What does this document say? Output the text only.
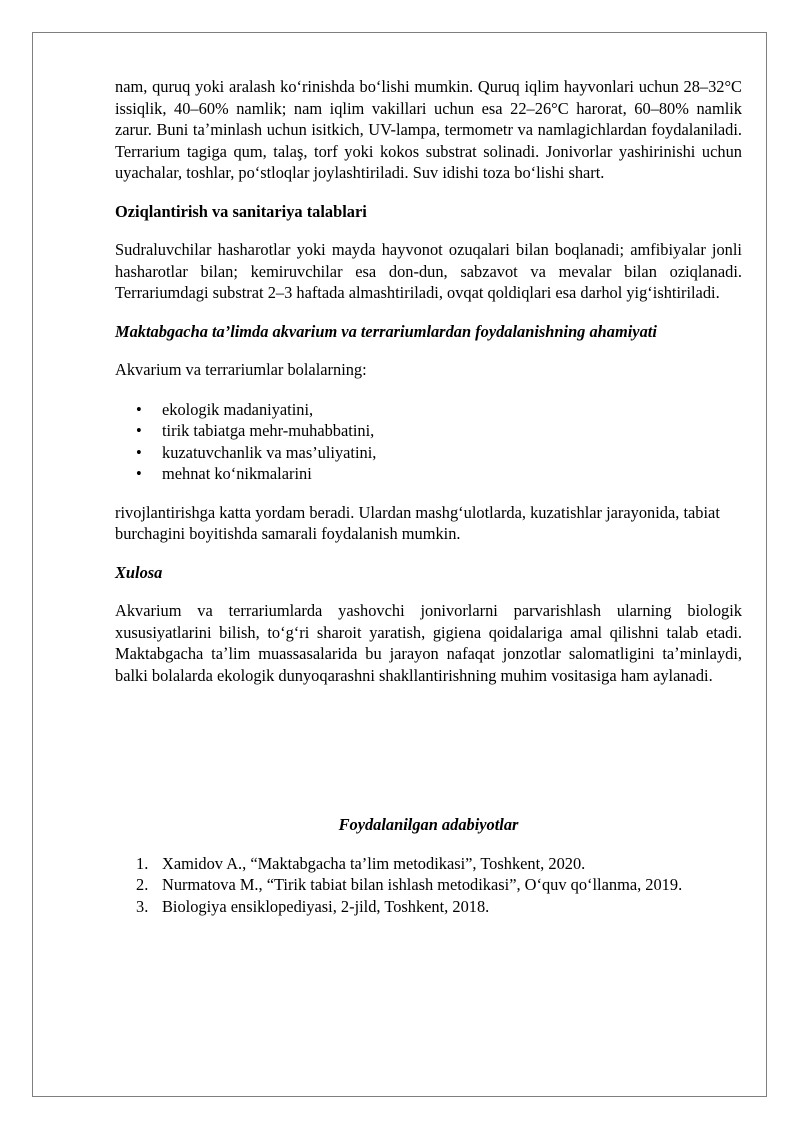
nam, quruq yoki aralash koʻrinishda boʻlishi mumkin. Quruq iqlim hayvonlari uchun 28–32°C issiqlik, 40–60% namlik; nam iqlim vakillari uchun esa 22–26°C harorat, 60–80% namlik zarur. Buni taʼminlash uchun isitkich, UV-lampa, termometr va namlagichlardan foydalaniladi. Terrarium tagiga qum, talaş, torf yoki kokos substrat solinadi. Jonivorlar yashirinishi uchun uyachalar, toshlar, poʻstloqlar joylashtiriladi. Suv idishi toza boʻlishi shart.

Oziqlantirish va sanitariya talablari

Sudraluvchilar hasharotlar yoki mayda hayvonot ozuqalari bilan boqlanadi; amfibiyalar jonli hasharotlar bilan; kemiruvchilar esa don-dun, sabzavot va mevalar bilan oziqlanadi. Terrariumdagi substrat 2–3 haftada almashtiriladi, ovqat qoldiqlari esa darhol yigʻishtiriladi.

Maktabgacha ta’limda akvarium va terrariumlardan foydalanishning ahamiyati

Akvarium va terrariumlar bolalarning:

• ekologik madaniyatini,
• tirik tabiatga mehr-muhabbatini,
• kuzatuvchanlik va mas’uliyatini,
• mehnat koʻnikmalarini

rivojlantirishga katta yordam beradi. Ulardan mashgʻulotlarda, kuzatishlar jarayonida, tabiat burchagini boyitishda samarali foydalanish mumkin.

Xulosa

Akvarium va terrariumlarda yashovchi jonivorlarni parvarishlash ularning biologik xususiyatlarini bilish, toʻgʻri sharoit yaratish, gigiena qoidalariga amal qilishni talab etadi. Maktabgacha taʼlim muassasalarida bu jarayon nafaqat jonzotlar salomatligini taʼminlaydi, balki bolalarda ekologik dunyoqarashni shakllantirishning muhim vositasiga ham aylanadi.

Foydalanilgan adabiyotlar

1. Xamidov A., “Maktabgacha ta’lim metodikasi”, Toshkent, 2020.
2. Nurmatova M., “Tirik tabiat bilan ishlash metodikasi”, Oʻquv qoʻllanma, 2019.
3. Biologiya ensiklopediyasi, 2-jild, Toshkent, 2018.
